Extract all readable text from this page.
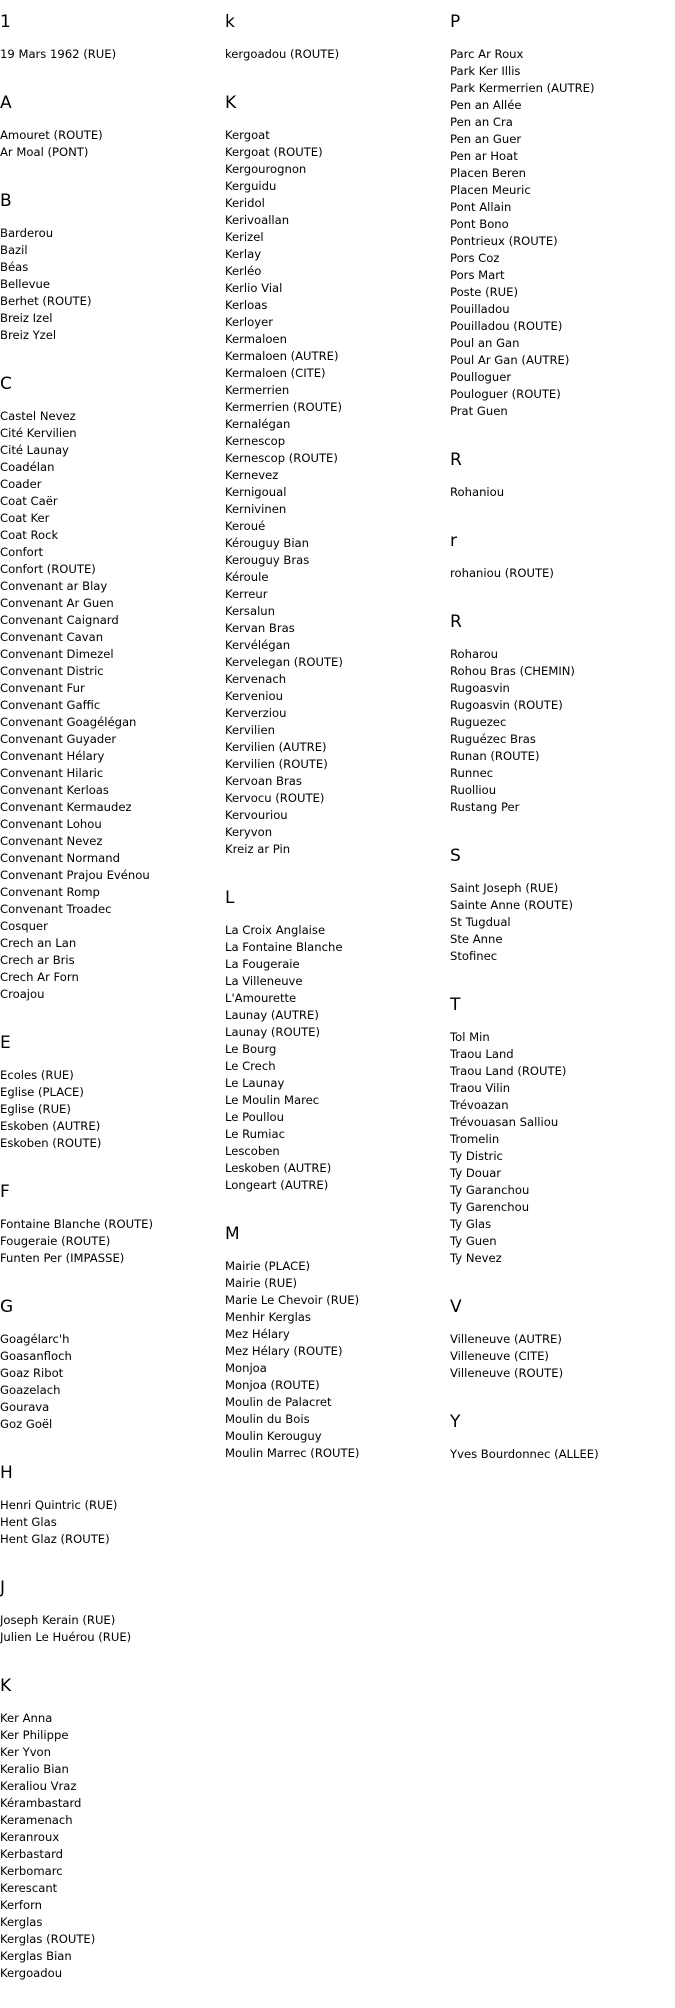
1
19 Mars 1962 (RUE)
A
Amouret (ROUTE)
Ar Moal (PONT)
B
Barderou
Bazil
Béas
Bellevue
Berhet (ROUTE)
Breiz Izel
Breiz Yzel
C
Castel Nevez
Cité Kervilien
Cité Launay
Coadélan
Coader
Coat Caër
Coat Ker
Coat Rock
Confort
Confort (ROUTE)
Convenant ar Blay
Convenant Ar Guen
Convenant Caignard
Convenant Cavan
Convenant Dimezel
Convenant Distric
Convenant Fur
Convenant Gaffic
Convenant Goagélégan
Convenant Guyader
Convenant Hélary
Convenant Hilaric
Convenant Kerloas
Convenant Kermaudez
Convenant Lohou
Convenant Nevez
Convenant Normand
Convenant Prajou Evénou
Convenant Romp
Convenant Troadec
Cosquer
Crech an Lan
Crech ar Bris
Crech Ar Forn
Croajou
E
Ecoles (RUE)
Eglise (PLACE)
Eglise (RUE)
Eskoben (AUTRE)
Eskoben (ROUTE)
F
Fontaine Blanche (ROUTE)
Fougeraie (ROUTE)
Funten Per (IMPASSE)
G
Goagélarc'h
Goasanfloch
Goaz Ribot
Goazelach
Gourava
Goz Goël
H
Henri Quintric (RUE)
Hent Glas
Hent Glaz (ROUTE)
J
Joseph Kerain (RUE)
Julien Le Huérou (RUE)
K
Ker Anna
Ker Philippe
Ker Yvon
Keralio Bian
Keraliou Vraz
Kérambastard
Keramenach
Keranroux
Kerbastard
Kerbomarc
Kerescant
Kerforn
Kerglas
Kerglas (ROUTE)
Kerglas Bian
Kergoadou
k
kergoadou (ROUTE)
K
Kergoat
Kergoat (ROUTE)
Kergourognon
Kerguidu
Keridol
Kerivoallan
Kerizel
Kerlay
Kerléo
Kerlio Vial
Kerloas
Kerloyer
Kermaloen
Kermaloen (AUTRE)
Kermaloen (CITE)
Kermerrien
Kermerrien (ROUTE)
Kernalégan
Kernescop
Kernescop (ROUTE)
Kernevez
Kernigoual
Kernivinen
Keroué
Kérouguy Bian
Kerouguy Bras
Kéroule
Kerreur
Kersalun
Kervan Bras
Kervélégan
Kervelegan (ROUTE)
Kervenach
Kerveniou
Kerverziou
Kervilien
Kervilien (AUTRE)
Kervilien (ROUTE)
Kervoan Bras
Kervocu (ROUTE)
Kervouriou
Keryvon
Kreiz ar Pin
L
La Croix Anglaise
La Fontaine Blanche
La Fougeraie
La Villeneuve
L'Amourette
Launay (AUTRE)
Launay (ROUTE)
Le Bourg
Le Crech
Le Launay
Le Moulin Marec
Le Poullou
Le Rumiac
Lescoben
Leskoben (AUTRE)
Longeart (AUTRE)
M
Mairie (PLACE)
Mairie (RUE)
Marie Le Chevoir (RUE)
Menhir Kerglas
Mez Hélary
Mez Hélary (ROUTE)
Monjoa
Monjoa (ROUTE)
Moulin de Palacret
Moulin du Bois
Moulin Kerouguy
Moulin Marrec (ROUTE)
P
Parc Ar Roux
Park Ker Illis
Park Kermerrien (AUTRE)
Pen an Allée
Pen an Cra
Pen an Guer
Pen ar Hoat
Placen Beren
Placen Meuric
Pont Allain
Pont Bono
Pontrieux (ROUTE)
Pors Coz
Pors Mart
Poste (RUE)
Pouilladou
Pouilladou (ROUTE)
Poul an Gan
Poul Ar Gan (AUTRE)
Poulloguer
Pouloguer (ROUTE)
Prat Guen
R
Rohaniou
r
rohaniou (ROUTE)
R
Roharou
Rohou Bras (CHEMIN)
Rugoasvin
Rugoasvin (ROUTE)
Ruguezec
Ruguézec Bras
Runan (ROUTE)
Runnec
Ruolliou
Rustang Per
S
Saint Joseph (RUE)
Sainte Anne (ROUTE)
St Tugdual
Ste Anne
Stofinec
T
Tol Min
Traou Land
Traou Land (ROUTE)
Traou Vilin
Trévoazan
Trévouasan Salliou
Tromelin
Ty Distric
Ty Douar
Ty Garanchou
Ty Garenchou
Ty Glas
Ty Guen
Ty Nevez
V
Villeneuve (AUTRE)
Villeneuve (CITE)
Villeneuve (ROUTE)
Y
Yves Bourdonnec (ALLEE)
